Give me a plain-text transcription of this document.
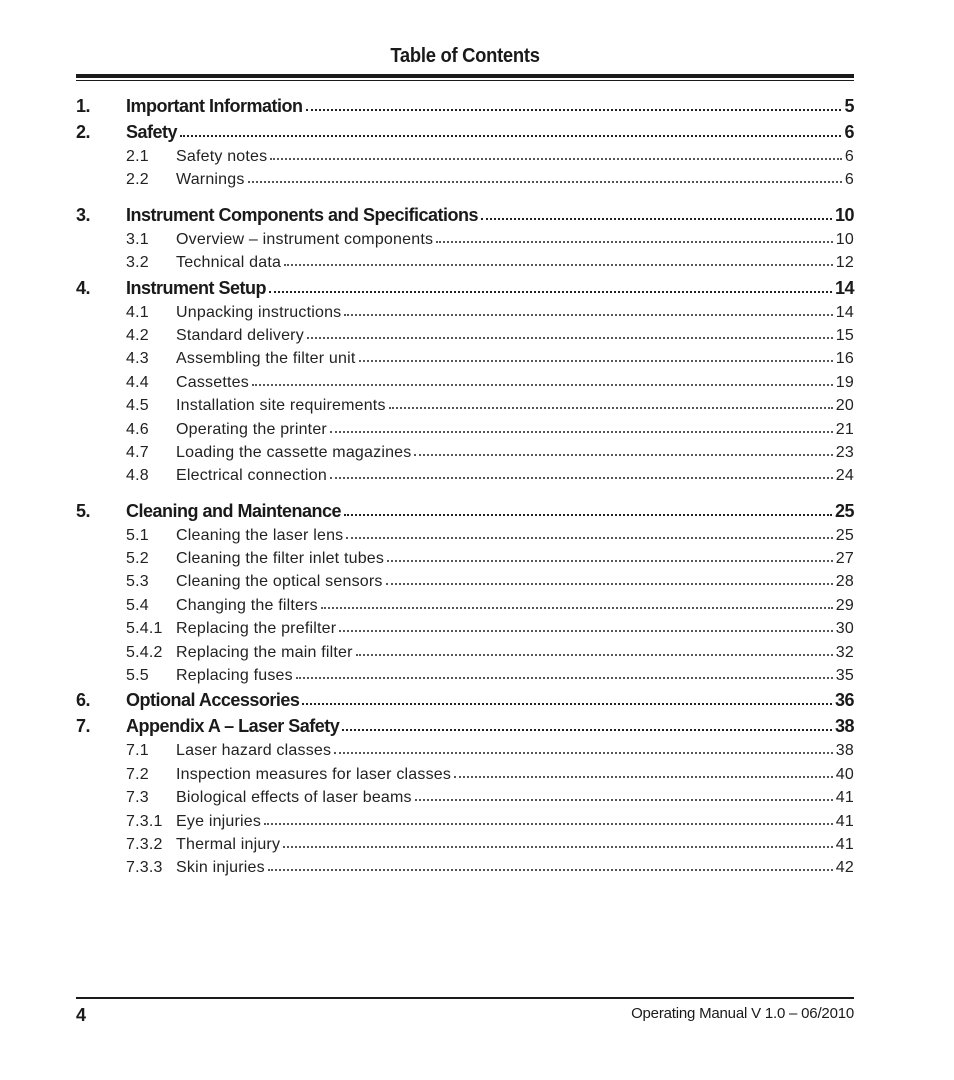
Table of Contents
1.	Important Information	5
2.	Safety	6
2.1	Safety notes	6
2.2	Warnings	6
3.	Instrument Components and Specifications	10
3.1	Overview – instrument components	10
3.2	Technical data	12
4.	Instrument Setup	14
4.1	Unpacking instructions	14
4.2	Standard delivery	15
4.3	Assembling the filter unit	16
4.4	Cassettes	19
4.5	Installation site requirements	20
4.6	Operating the printer	21
4.7	Loading the cassette magazines	23
4.8	Electrical connection	24
5.	Cleaning and Maintenance	25
5.1	Cleaning the laser lens	25
5.2	Cleaning the filter inlet tubes	27
5.3	Cleaning the optical sensors	28
5.4	Changing the filters	29
5.4.1 Replacing the prefilter	30
5.4.2 Replacing the main filter	32
5.5	Replacing fuses	35
6.	Optional Accessories	36
7.	Appendix A – Laser Safety	38
7.1	Laser hazard classes	38
7.2	Inspection measures for laser classes	40
7.3	Biological effects of laser beams	41
7.3.1 Eye injuries	41
7.3.2 Thermal injury	41
7.3.3 Skin injuries	42
4	Operating Manual V 1.0 – 06/2010
